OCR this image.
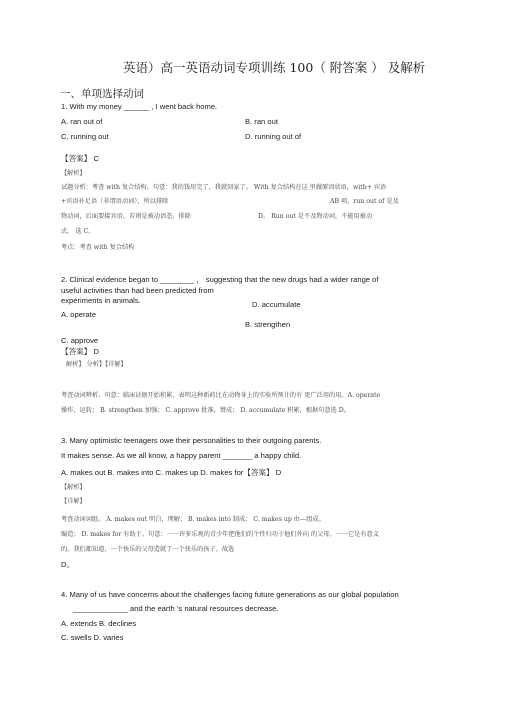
英语）高一英语动词专项训练 100（ 附答案 ） 及解析
一、单项选择动词
1. With my money ______ , I went back home.
A. ran out of	B. ran out
C. running out	D. running out of
【答案】 C
【解析】
试题分析：考查 with 复合结构，句意：我的钱用完了，我就回家了。 With 复合结构在这 里做原因状语，with+ 宾语
+宾语补足语（非谓语动词），所以排除	AB 项，run out of 是及
物动词，后面要接宾语，若则是被动语态，排除	D。 Run out 是不及物动词，不能用被动
式。 选 C。
考点：考查 with 复合结构
2. Clinical evidence began to ________ ， suggesting that the new drugs had a wider range of
useful activities than had been predicted from
experiments in animals.	D. accumulate
A. operate
B. strengthen
C. approve
【答案】 D
解析】 分析】【详解】
考查动词辨析。句意：临床证据开始积累，表明这种新药比在动物身上的实验所预计的有 更广泛用的用。A. operate
操作，运转； B. strengthen 加强； C. approve 批准，赞成； D. accumulate 积累，根据句意选 D。
3. Many optimistic teenagers owe their personalities to their outgoing parents.
It makes sense. As we all know, a happy parent _______ a happy child.
A. makes out B. makes into C. makes up D. makes for【答案】 D
【解析】
【详解】
考查动词词组。 A. makes out 明白，理解； B. makes into 制成； C. makes up 由---组成。
编造； D. makes for 有助于。句意：一一许多乐观的青少年把他们的个性归功于他们外向 的父母。一一它是有意义
的。我们都知道，一个快乐的父母造就了一个快乐的孩子。故选
D。
4. Many of us have concerns about the challenges facing future generations as our global population
_____________ and the earth ’s natural resources decrease.
A. extends B. declines
C. swells D. varies
